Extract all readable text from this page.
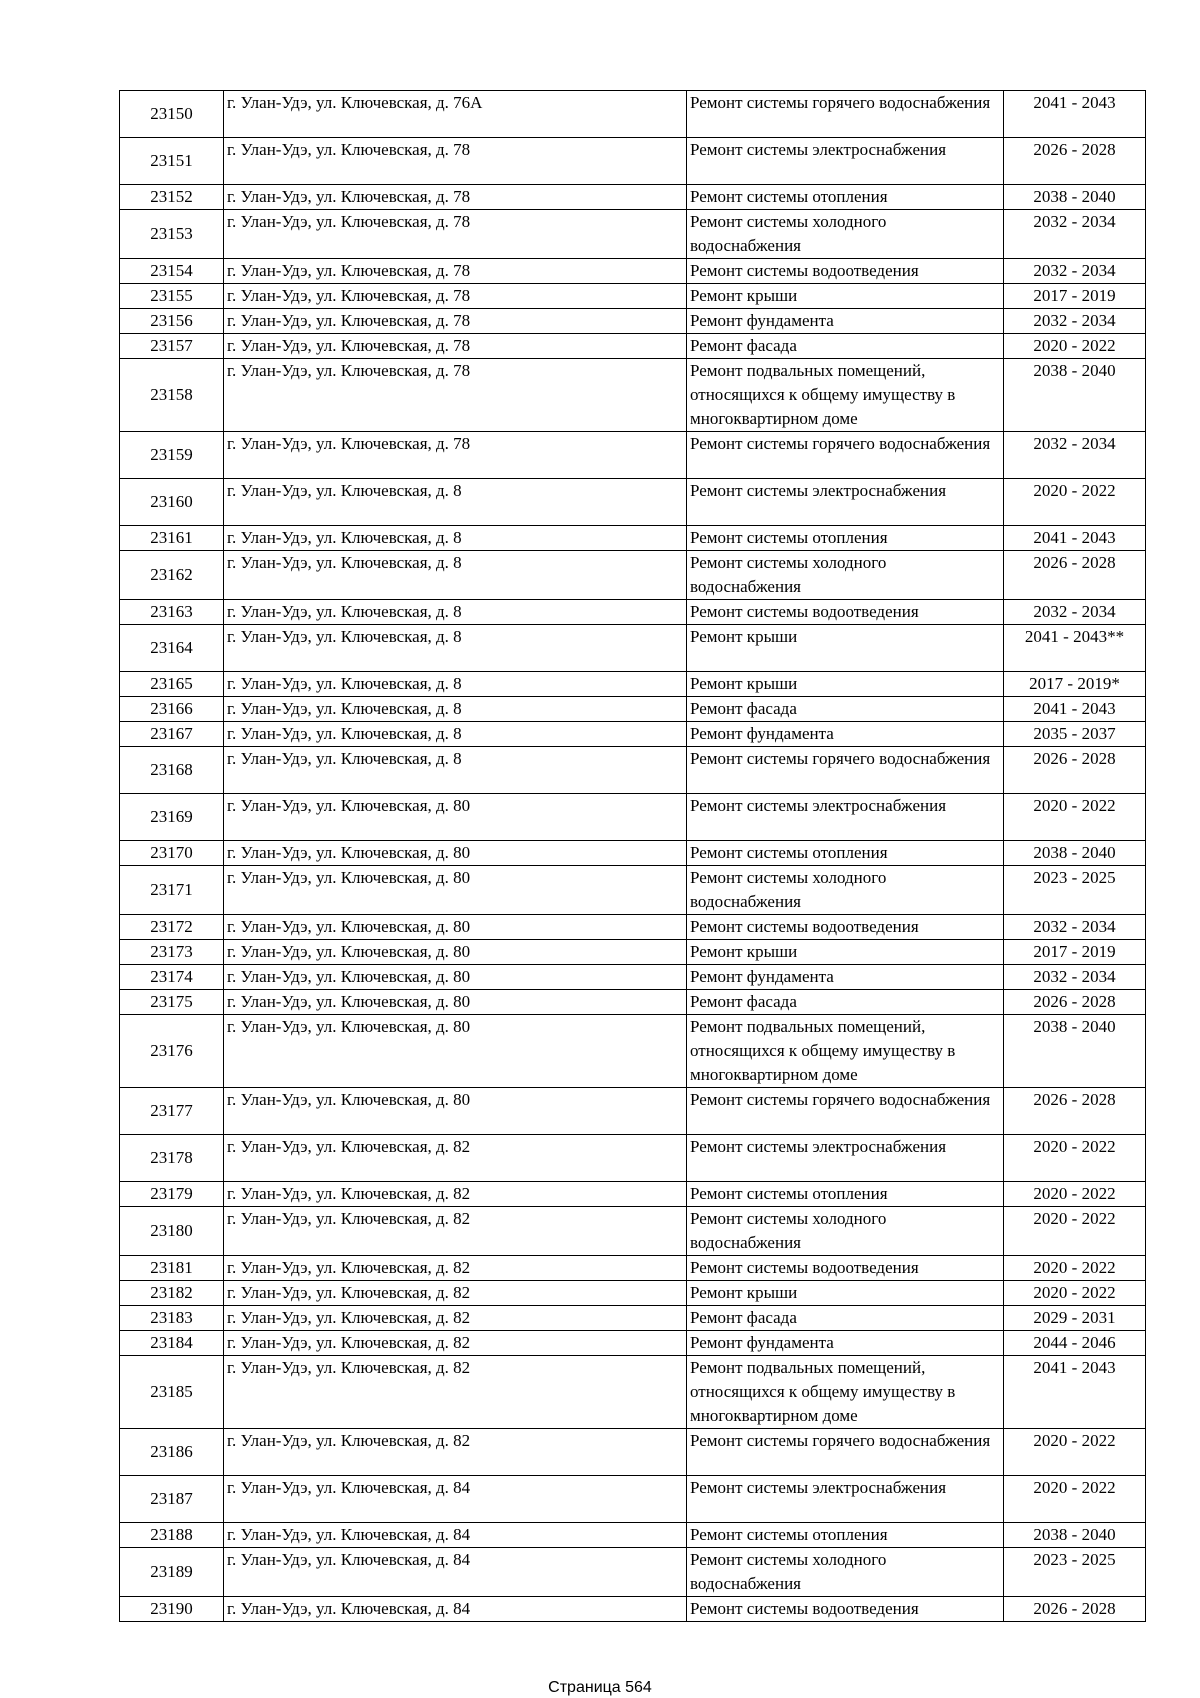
23150	г. Улан-Удэ, ул. Ключевская, д. 76А	Ремонт системы горячего водоснабжения	2041 - 2043
23151	г. Улан-Удэ, ул. Ключевская, д. 78	Ремонт системы электроснабжения	2026 - 2028
23152	г. Улан-Удэ, ул. Ключевская, д. 78	Ремонт системы отопления	2038 - 2040
23153	г. Улан-Удэ, ул. Ключевская, д. 78	Ремонт системы холодного водоснабжения	2032 - 2034
23154	г. Улан-Удэ, ул. Ключевская, д. 78	Ремонт системы водоотведения	2032 - 2034
23155	г. Улан-Удэ, ул. Ключевская, д. 78	Ремонт крыши	2017 - 2019
23156	г. Улан-Удэ, ул. Ключевская, д. 78	Ремонт фундамента	2032 - 2034
23157	г. Улан-Удэ, ул. Ключевская, д. 78	Ремонт фасада	2020 - 2022
23158	г. Улан-Удэ, ул. Ключевская, д. 78	Ремонт подвальных помещений, относящихся к общему имуществу в многоквартирном доме	2038 - 2040
23159	г. Улан-Удэ, ул. Ключевская, д. 78	Ремонт системы горячего водоснабжения	2032 - 2034
23160	г. Улан-Удэ, ул. Ключевская, д. 8	Ремонт системы электроснабжения	2020 - 2022
23161	г. Улан-Удэ, ул. Ключевская, д. 8	Ремонт системы отопления	2041 - 2043
23162	г. Улан-Удэ, ул. Ключевская, д. 8	Ремонт системы холодного водоснабжения	2026 - 2028
23163	г. Улан-Удэ, ул. Ключевская, д. 8	Ремонт системы водоотведения	2032 - 2034
23164	г. Улан-Удэ, ул. Ключевская, д. 8	Ремонт крыши	2041 - 2043**
23165	г. Улан-Удэ, ул. Ключевская, д. 8	Ремонт крыши	2017 - 2019*
23166	г. Улан-Удэ, ул. Ключевская, д. 8	Ремонт фасада	2041 - 2043
23167	г. Улан-Удэ, ул. Ключевская, д. 8	Ремонт фундамента	2035 - 2037
23168	г. Улан-Удэ, ул. Ключевская, д. 8	Ремонт системы горячего водоснабжения	2026 - 2028
23169	г. Улан-Удэ, ул. Ключевская, д. 80	Ремонт системы электроснабжения	2020 - 2022
23170	г. Улан-Удэ, ул. Ключевская, д. 80	Ремонт системы отопления	2038 - 2040
23171	г. Улан-Удэ, ул. Ключевская, д. 80	Ремонт системы холодного водоснабжения	2023 - 2025
23172	г. Улан-Удэ, ул. Ключевская, д. 80	Ремонт системы водоотведения	2032 - 2034
23173	г. Улан-Удэ, ул. Ключевская, д. 80	Ремонт крыши	2017 - 2019
23174	г. Улан-Удэ, ул. Ключевская, д. 80	Ремонт фундамента	2032 - 2034
23175	г. Улан-Удэ, ул. Ключевская, д. 80	Ремонт фасада	2026 - 2028
23176	г. Улан-Удэ, ул. Ключевская, д. 80	Ремонт подвальных помещений, относящихся к общему имуществу в многоквартирном доме	2038 - 2040
23177	г. Улан-Удэ, ул. Ключевская, д. 80	Ремонт системы горячего водоснабжения	2026 - 2028
23178	г. Улан-Удэ, ул. Ключевская, д. 82	Ремонт системы электроснабжения	2020 - 2022
23179	г. Улан-Удэ, ул. Ключевская, д. 82	Ремонт системы отопления	2020 - 2022
23180	г. Улан-Удэ, ул. Ключевская, д. 82	Ремонт системы холодного водоснабжения	2020 - 2022
23181	г. Улан-Удэ, ул. Ключевская, д. 82	Ремонт системы водоотведения	2020 - 2022
23182	г. Улан-Удэ, ул. Ключевская, д. 82	Ремонт крыши	2020 - 2022
23183	г. Улан-Удэ, ул. Ключевская, д. 82	Ремонт фасада	2029 - 2031
23184	г. Улан-Удэ, ул. Ключевская, д. 82	Ремонт фундамента	2044 - 2046
23185	г. Улан-Удэ, ул. Ключевская, д. 82	Ремонт подвальных помещений, относящихся к общему имуществу в многоквартирном доме	2041 - 2043
23186	г. Улан-Удэ, ул. Ключевская, д. 82	Ремонт системы горячего водоснабжения	2020 - 2022
23187	г. Улан-Удэ, ул. Ключевская, д. 84	Ремонт системы электроснабжения	2020 - 2022
23188	г. Улан-Удэ, ул. Ключевская, д. 84	Ремонт системы отопления	2038 - 2040
23189	г. Улан-Удэ, ул. Ключевская, д. 84	Ремонт системы холодного водоснабжения	2023 - 2025
23190	г. Улан-Удэ, ул. Ключевская, д. 84	Ремонт системы водоотведения	2026 - 2028
Страница 564
